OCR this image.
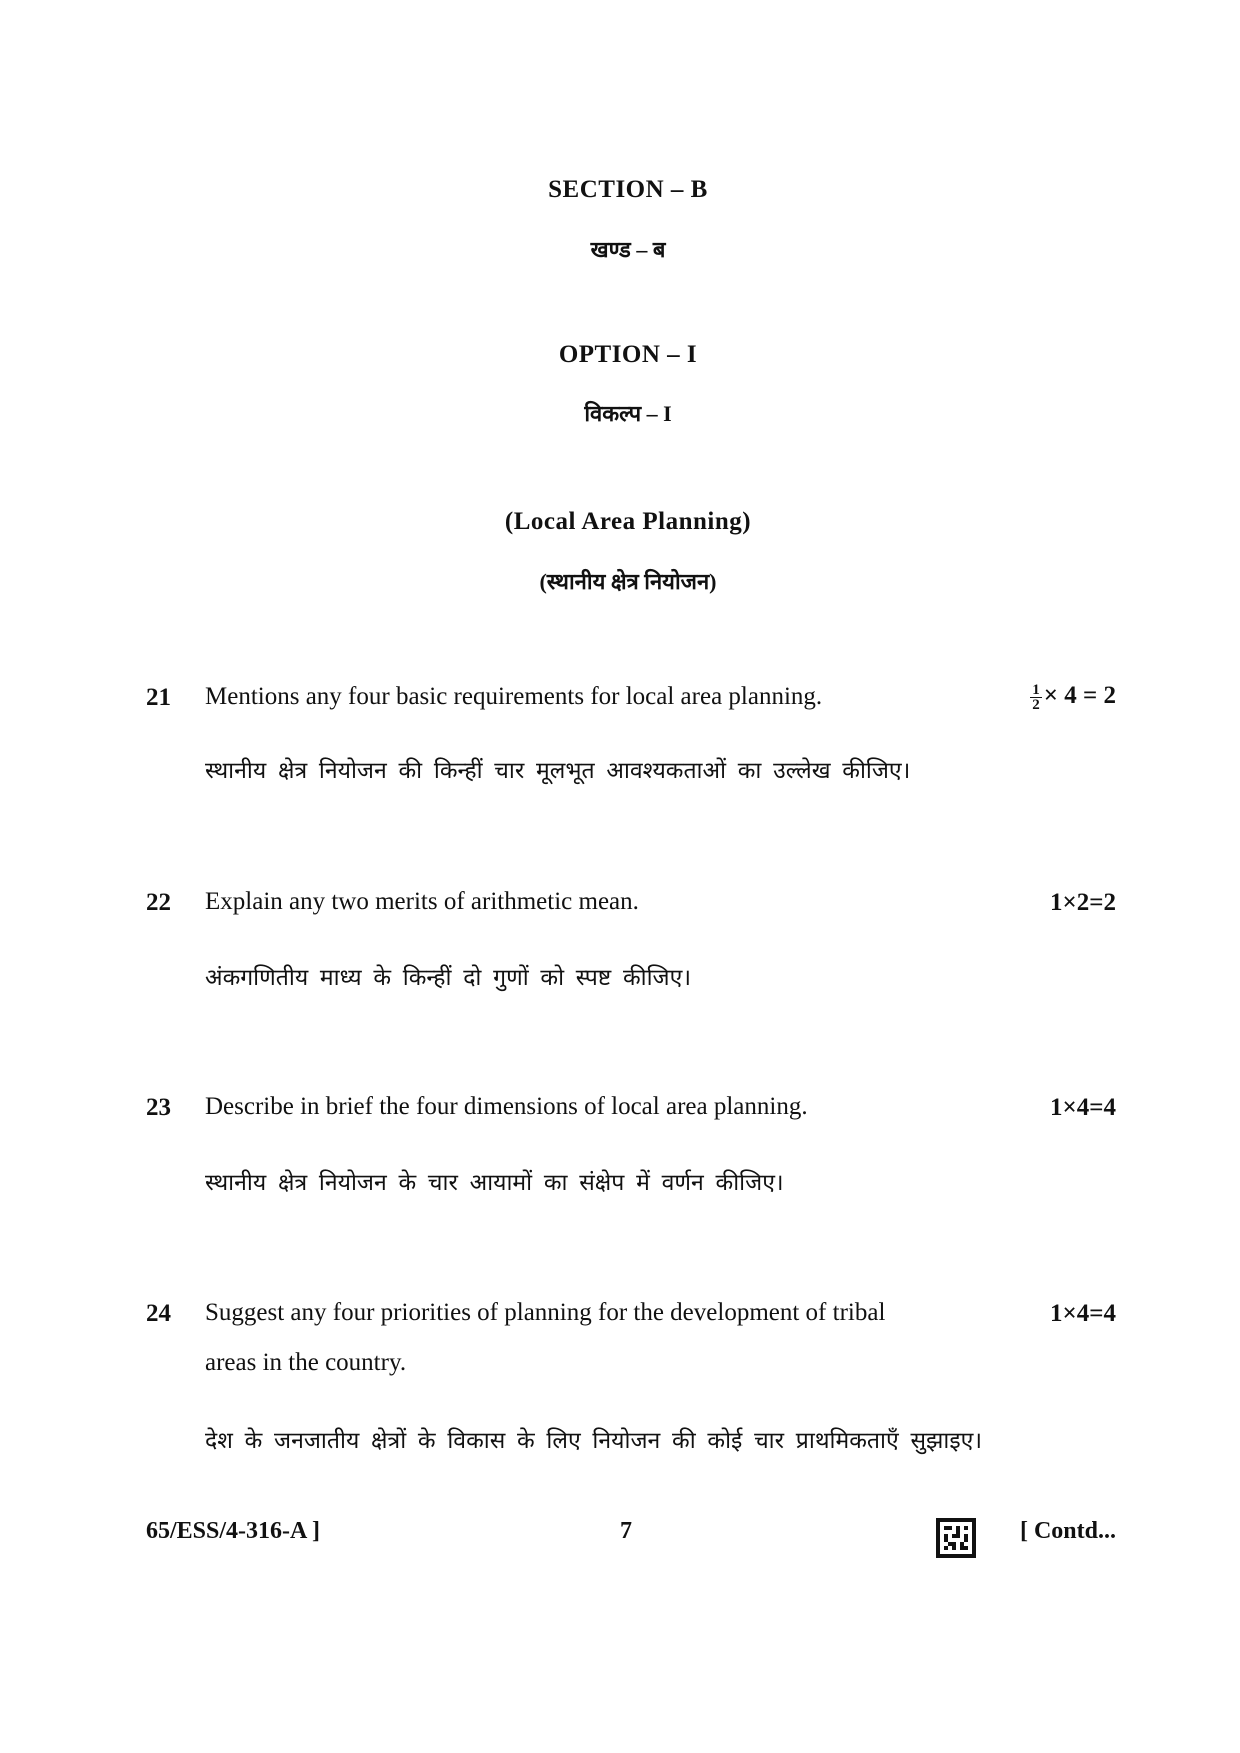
SECTION – B
खण्ड – ब
OPTION – I
विकल्प – I
(Local Area Planning)
(स्थानीय क्षेत्र नियोजन)
21 Mentions any four basic requirements for local area planning.	$\frac{1}{2} \times 4 = 2$
स्थानीय क्षेत्र नियोजन की किन्हीं चार मूलभूत आवश्यकताओं का उल्लेख कीजिए।
22 Explain any two merits of arithmetic mean.	1×2=2
अंकगणितीय माध्य के किन्हीं दो गुणों को स्पष्ट कीजिए।
23 Describe in brief the four dimensions of local area planning.	1×4=4
स्थानीय क्षेत्र नियोजन के चार आयामों का संक्षेप में वर्णन कीजिए।
24 Suggest any four priorities of planning for the development of tribal
areas in the country.
1×4=4
देश के जनजातीय क्षेत्रों के विकास के लिए नियोजन की कोई चार प्राथमिकताएँ सुझाइए।
65/ESS/4-316-A ]	7	[ Contd...
